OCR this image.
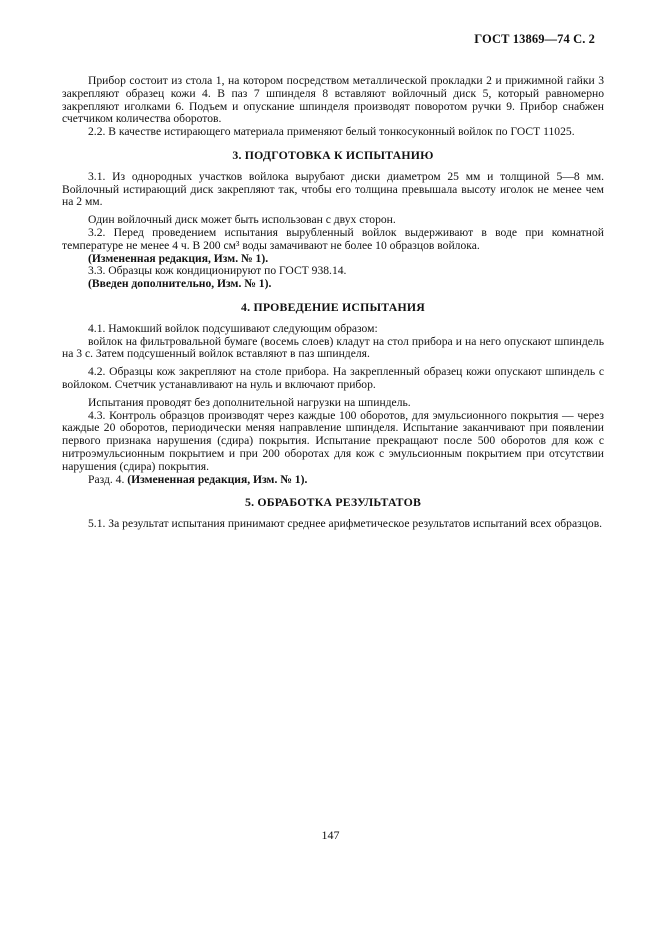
ГОСТ 13869—74 С. 2

Прибор состоит из стола 1, на котором посредством металлической прокладки 2 и прижимной гайки 3 закрепляют образец кожи 4. В паз 7 шпинделя 8 вставляют войлочный диск 5, который равномерно закрепляют иголками 6. Подъем и опускание шпинделя производят поворотом ручки 9. Прибор снабжен счетчиком количества оборотов.

2.2. В качестве истирающего материала применяют белый тонкосуконный войлок по ГОСТ 11025.

3. ПОДГОТОВКА К ИСПЫТАНИЮ

3.1. Из однородных участков войлока вырубают диски диаметром 25 мм и толщиной 5—8 мм. Войлочный истирающий диск закрепляют так, чтобы его толщина превышала высоту иголок не менее чем на 2 мм.

Один войлочный диск может быть использован с двух сторон.

3.2. Перед проведением испытания вырубленный войлок выдерживают в воде при комнатной температуре не менее 4 ч. В 200 см³ воды замачивают не более 10 образцов войлока.

(Измененная редакция, Изм. № 1).

3.3. Образцы кож кондиционируют по ГОСТ 938.14.

(Введен дополнительно, Изм. № 1).

4. ПРОВЕДЕНИЕ ИСПЫТАНИЯ

4.1. Намокший войлок подсушивают следующим образом:

войлок на фильтровальной бумаге (восемь слоев) кладут на стол прибора и на него опускают шпиндель на 3 с. Затем подсушенный войлок вставляют в паз шпинделя.

4.2. Образцы кож закрепляют на столе прибора. На закрепленный образец кожи опускают шпиндель с войлоком. Счетчик устанавливают на нуль и включают прибор.

Испытания проводят без дополнительной нагрузки на шпиндель.

4.3. Контроль образцов производят через каждые 100 оборотов, для эмульсионного покрытия — через каждые 20 оборотов, периодически меняя направление шпинделя. Испытание заканчивают при появлении первого признака нарушения (сдира) покрытия. Испытание прекращают после 500 оборотов для кож с нитроэмульсионным покрытием и при 200 оборотах для кож с эмульсионным покрытием при отсутствии нарушения (сдира) покрытия.

Разд. 4. (Измененная редакция, Изм. № 1).

5. ОБРАБОТКА РЕЗУЛЬТАТОВ

5.1. За результат испытания принимают среднее арифметическое результатов испытаний всех образцов.

147
